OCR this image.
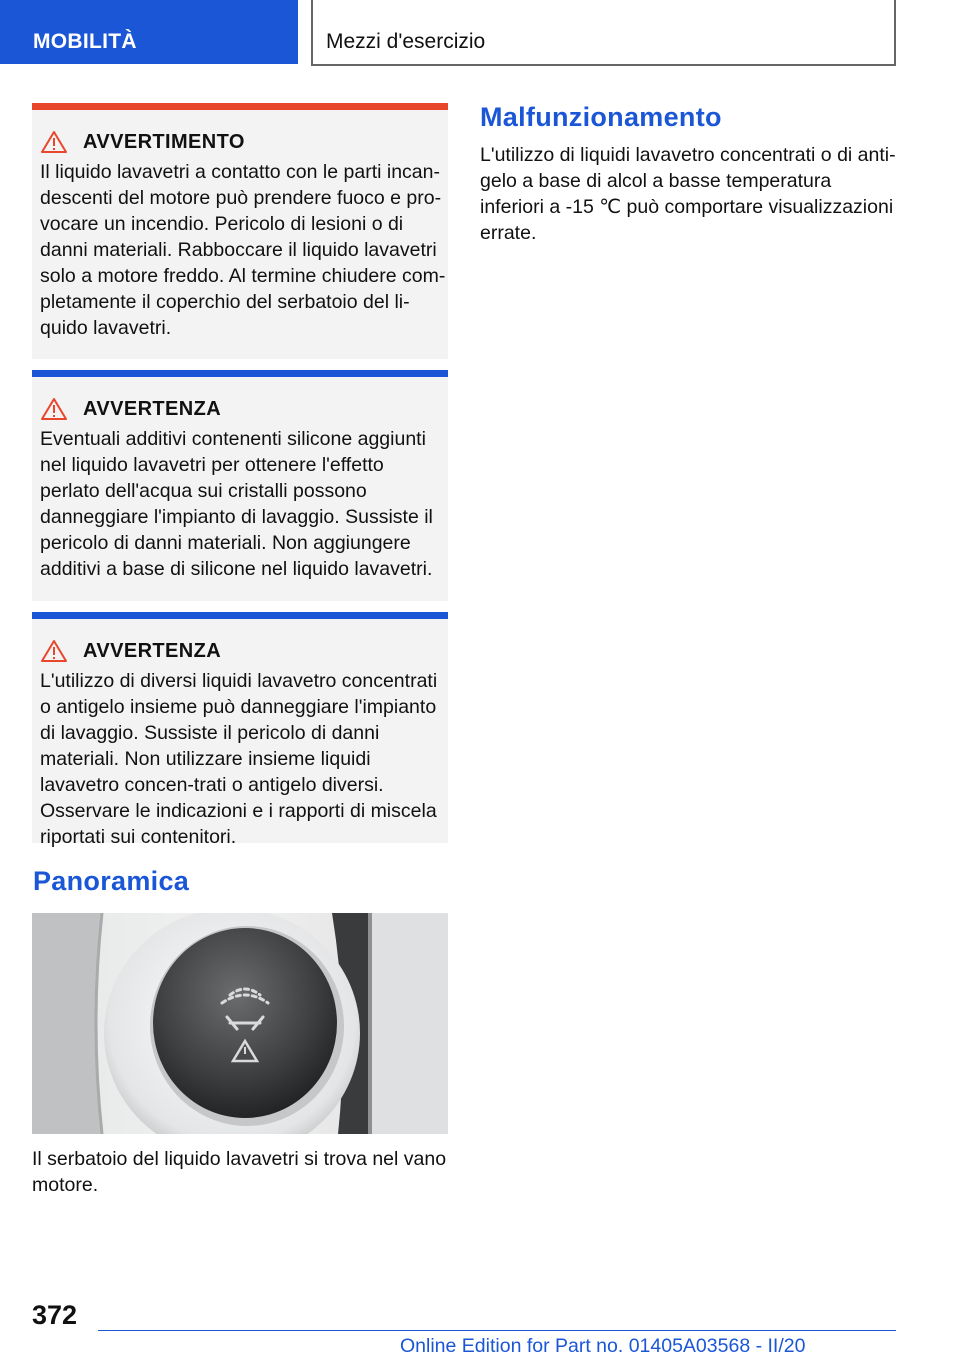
MOBILITÀ	Mezzi d'esercizio
AVVERTIMENTO
Il liquido lavavetri a contatto con le parti incan-descenti del motore può prendere fuoco e pro-vocare un incendio. Pericolo di lesioni o di danni materiali. Rabboccare il liquido lavavetri solo a motore freddo. Al termine chiudere com-pletamente il coperchio del serbatoio del li-quido lavavetri.
AVVERTENZA
Eventuali additivi contenenti silicone aggiunti nel liquido lavavetri per ottenere l'effetto perlato dell'acqua sui cristalli possono danneggiare l'impianto di lavaggio. Sussiste il pericolo di danni materiali. Non aggiungere additivi a base di silicone nel liquido lavavetri.
AVVERTENZA
L'utilizzo di diversi liquidi lavavetro concentrati o antigelo insieme può danneggiare l'impianto di lavaggio. Sussiste il pericolo di danni materiali. Non utilizzare insieme liquidi lavavetro concen-trati o antigelo diversi. Osservare le indicazioni e i rapporti di miscela riportati sui contenitori.
Panoramica
Il serbatoio del liquido lavavetri si trova nel vano motore.
Malfunzionamento
L'utilizzo di liquidi lavavetro concentrati o di anti-gelo a base di alcol a basse temperatura inferiori a -15 ℃ può comportare visualizzazioni errate.
372
Online Edition for Part no. 01405A03568 - II/20
